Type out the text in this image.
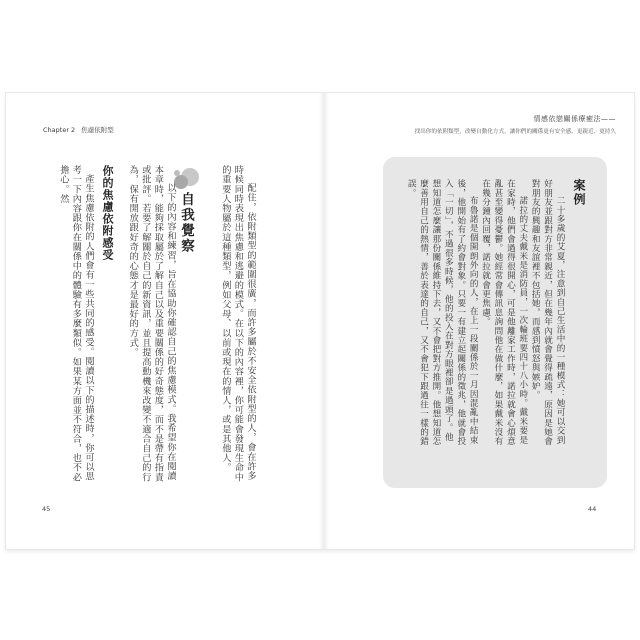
Chapter 2 焦慮依附型

配住，依附類型的範圍很廣，而許多屬於不安全依附型的人，會在許多時候同時表現出焦慮和逃避的模式。在以下的內容裡，你可能會發現生命中的重要人物屬於這種類型，例如父母、以前或現在的情人，或是其他人。

自我覺察

以下的內容和練習，旨在協助你確認自己的焦慮模式。我希望你在閱讀本章時，能夠採取屬於了解自己以及重要關係的好奇態度，而不是帶有指責或批評。若要了解關於自己的新資訊，並且提高動機來改變不適合自己的行為，保有開放跟好奇的心態才是最好的方式。

你的焦慮依附感受

產生焦慮依附的人們會有一些共同的感受。閱讀以下的描述時，你可以思考一下內容跟你在關係中的體驗有多麼類似。如果某方面並不符合，也不必擔心。然

45
情感依戀關係療癒法——
找出你的依附類型，改變自動化方式，讓你們的關係更有安全感、更親近、更持久
案例

二十多歲的艾夏，注意到自己生活中的一種模式：她可以交到好朋友並跟對方非常親近，但在幾年內就會覺得疏遠，原因是她會對朋友的興趣和友誼裡不包括她，而感到憤怒與嫉妒。

諾拉的丈夫戴米是消防員，一次輪班要四十八小時。戴米要是在家時，他們會過得很開心，可是他離家工作時，諾拉就會心煩意亂甚至變得憂鬱。她經常會傳訊息詢問他在做什麼，如果戴米沒有在幾分鐘內回覆，諾拉就會更焦慮。

布魯諾是個開朗外向的人，在上一段關係於一月因混亂中結束後，他開始有了約會對象。只要一有建立起關係的徵兆，他就會投入「一切」，不過很多時候，他的投入在對方眼裡卻是過頭了。他想知道怎麼讓那份關係維持下去，又不會把對方推開。他想知道怎麼善用自己的熱情，善於表達的自己，又不會犯下跟過往一樣的錯誤。

44
